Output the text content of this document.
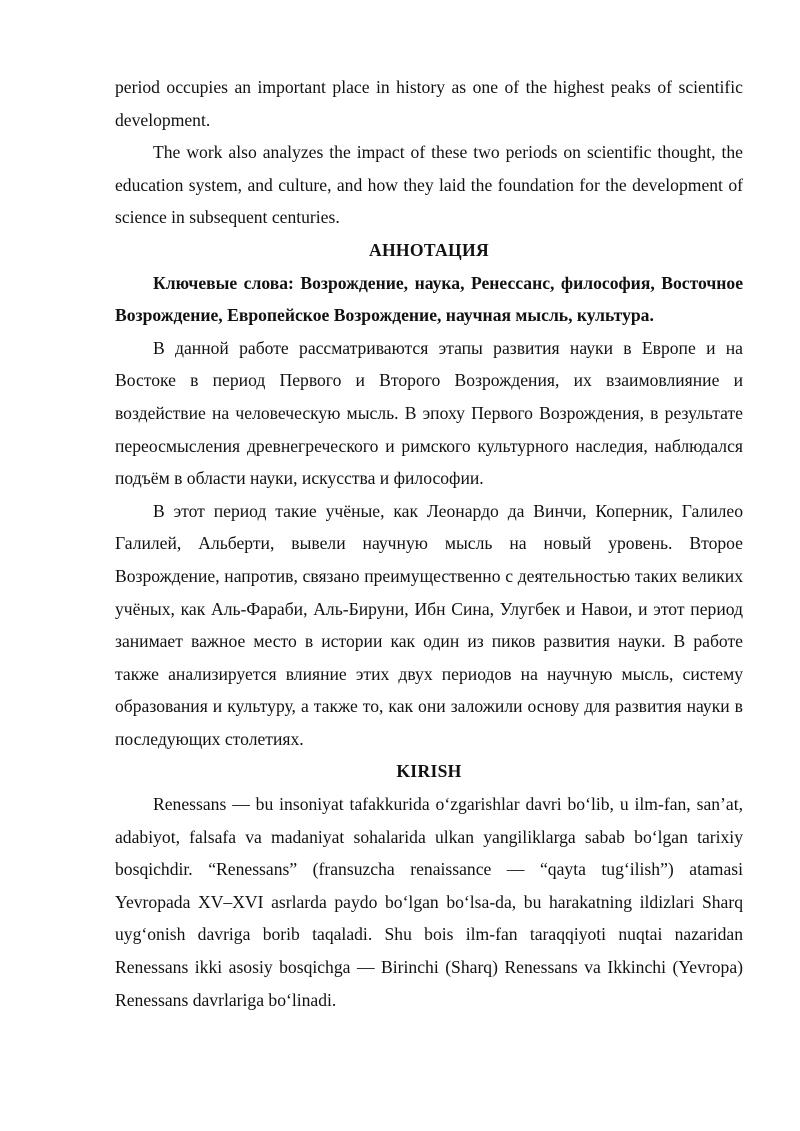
period occupies an important place in history as one of the highest peaks of scientific development.

The work also analyzes the impact of these two periods on scientific thought, the education system, and culture, and how they laid the foundation for the development of science in subsequent centuries.

АННОТАЦИЯ

Ключевые слова: Возрождение, наука, Ренессанс, философия, Восточное Возрождение, Европейское Возрождение, научная мысль, культура.

В данной работе рассматриваются этапы развития науки в Европе и на Востоке в период Первого и Второго Возрождения, их взаимовлияние и воздействие на человеческую мысль. В эпоху Первого Возрождения, в результате переосмысления древнегреческого и римского культурного наследия, наблюдался подъём в области науки, искусства и философии.

В этот период такие учёные, как Леонардо да Винчи, Коперник, Галилео Галилей, Альберти, вывели научную мысль на новый уровень. Второе Возрождение, напротив, связано преимущественно с деятельностью таких великих учёных, как Аль-Фараби, Аль-Бируни, Ибн Сина, Улугбек и Навои, и этот период занимает важное место в истории как один из пиков развития науки. В работе также анализируется влияние этих двух периодов на научную мысль, систему образования и культуру, а также то, как они заложили основу для развития науки в последующих столетиях.

KIRISH

Renessans — bu insoniyat tafakkurida o‘zgarishlar davri bo‘lib, u ilm-fan, san’at, adabiyot, falsafa va madaniyat sohalarida ulkan yangiliklarga sabab bo‘lgan tarixiy bosqichdir. “Renessans” (fransuzcha renaissance — “qayta tug‘ilish”) atamasi Yevropada XV–XVI asrlarda paydo bo‘lgan bo‘lsa-da, bu harakatning ildizlari Sharq uyg‘onish davriga borib taqaladi. Shu bois ilm-fan taraqqiyoti nuqtai nazaridan Renessans ikki asosiy bosqichga — Birinchi (Sharq) Renessans va Ikkinchi (Yevropa) Renessans davrlariga bo‘linadi.
